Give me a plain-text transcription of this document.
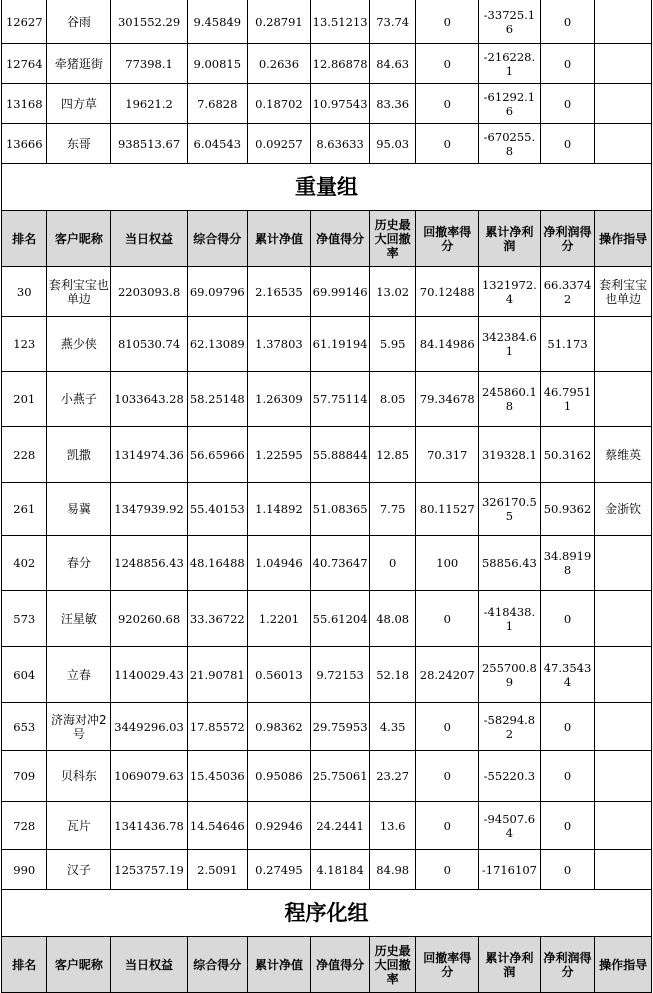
12627	谷雨	301552.29	9.45849	0.28791	13.51213	73.74	0	-33725.16	0	
12764	牵猪逛街	77398.1	9.00815	0.2636	12.86878	84.63	0	-216228.1	0	
13168	四方草	19621.2	7.6828	0.18702	10.97543	83.36	0	-61292.16	0	
13666	东哥	938513.67	6.04543	0.09257	8.63633	95.03	0	-670255.8	0	
重量组										
排名	客户昵称	当日权益	综合得分	累计净值	净值得分	历史最大回撤率	回撤率得分	累计净利润	净利润得分	操作指导
30	套利宝宝也单边	2203093.8	69.09796	2.16535	69.99146	13.02	70.12488	1321972.4	66.33742	套利宝宝也单边
123	燕少侠	810530.74	62.13089	1.37803	61.19194	5.95	84.14986	342384.61	51.173	
201	小燕子	1033643.28	58.25148	1.26309	57.75114	8.05	79.34678	245860.18	46.79511	
228	凯撒	1314974.36	56.65966	1.22595	55.88844	12.85	70.317	319328.1	50.3162	蔡维英
261	易冀	1347939.92	55.40153	1.14892	51.08365	7.75	80.11527	326170.55	50.9362	金浙钦
402	春分	1248856.43	48.16488	1.04946	40.73647	0	100	58856.43	34.89198	
573	汪星敏	920260.68	33.36722	1.2201	55.61204	48.08	0	-418438.1	0	
604	立春	1140029.43	21.90781	0.56013	9.72153	52.18	28.24207	255700.89	47.35434	
653	济海对冲2号	3449296.03	17.85572	0.98362	29.75953	4.35	0	-58294.82	0	
709	贝科东	1069079.63	15.45036	0.95086	25.75061	23.27	0	-55220.3	0	
728	瓦片	1341436.78	14.54646	0.92946	24.2441	13.6	0	-94507.64	0	
990	汉子	1253757.19	2.5091	0.27495	4.18184	84.98	0	-1716107	0	
程序化组										
排名	客户昵称	当日权益	综合得分	累计净值	净值得分	历史最大回撤率	回撤率得分	累计净利润	净利润得分	操作指导
